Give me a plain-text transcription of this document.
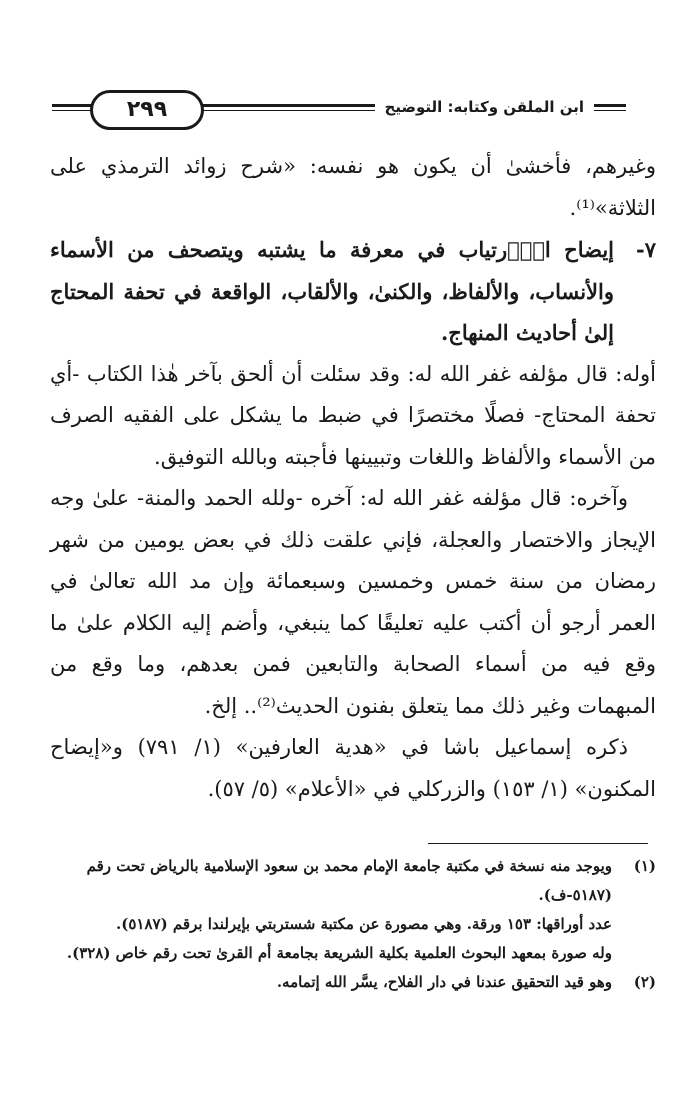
٢٩٩	ابن الملقن وكتابه: التوضيح

وغيرهم، فأخشىٰ أن يكون هو نفسه: «شرح زوائد الترمذي على الثلاثة»⁽¹⁾.

٧-
إيضاح الاۤرتياب في معرفة ما يشتبه ويتصحف من الأسماء والأنساب، والألفاظ، والكنىٰ، والألقاب، الواقعة في تحفة المحتاج إلىٰ أحاديث المنهاج.

أوله: قال مؤلفه غفر الله له: وقد سئلت أن ألحق بآخر هٰذا الكتاب -أي تحفة المحتاج- فصلًا مختصرًا في ضبط ما يشكل على الفقيه الصرف من الأسماء والألفاظ واللغات وتبيينها فأجبته وبالله التوفيق.

وآخره: قال مؤلفه غفر الله له: آخره -ولله الحمد والمنة- علىٰ وجه الإيجاز والاختصار والعجلة، فإني علقت ذلك في بعض يومين من شهر رمضان من سنة خمس وخمسين وسبعمائة وإن مد الله تعالىٰ في العمر أرجو أن أكتب عليه تعليقًا كما ينبغي، وأضم إليه الكلام علىٰ ما وقع فيه من أسماء الصحابة والتابعين فمن بعدهم، وما وقع من المبهمات وغير ذلك مما يتعلق بفنون الحديث⁽²⁾.. إلخ.

ذكره إسماعيل باشا في «هدية العارفين» (١/ ٧٩١) و«إيضاح المكنون» (١/ ١٥٣) والزركلي في «الأعلام» (٥/ ٥٧).

(١)
ويوجد منه نسخة في مكتبة جامعة الإمام محمد بن سعود الإسلامية بالرياض تحت رقم (٥١٨٧-ف).
عدد أوراقها: ١٥٣ ورقة. وهي مصورة عن مكتبة شستربتي بإيرلندا برقم (٥١٨٧).
وله صورة بمعهد البحوث العلمية بكلية الشريعة بجامعة أم القرىٰ تحت رقم خاص (٣٢٨).
(٢)
وهو قيد التحقيق عندنا في دار الفلاح، يسَّر الله إتمامه.
